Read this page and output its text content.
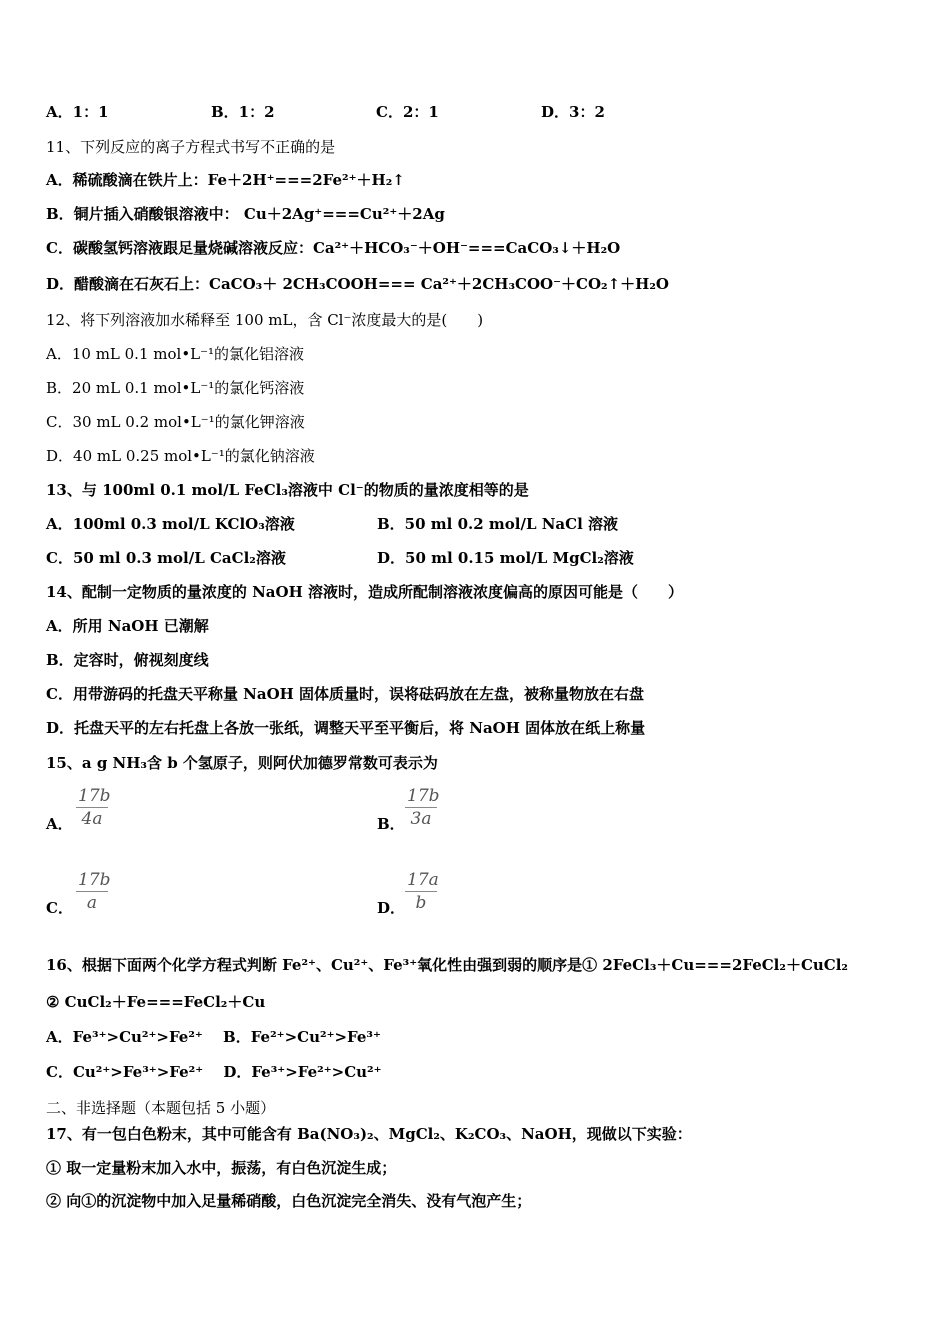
A．1：1	B．1：2	C．2：1	D．3：2
11、下列反应的离子方程式书写不正确的是
A．稀硫酸滴在铁片上：Fe＋2H⁺===2Fe²⁺＋H₂↑
B．铜片插入硝酸银溶液中： Cu＋2Ag⁺===Cu²⁺＋2Ag
C．碳酸氢钙溶液跟足量烧碱溶液反应：Ca²⁺＋HCO₃⁻＋OH⁻===CaCO₃↓＋H₂O
D．醋酸滴在石灰石上：CaCO₃＋ 2CH₃COOH=== Ca²⁺＋2CH₃COO⁻＋CO₂↑＋H₂O
12、将下列溶液加水稀释至 100 mL，含 Cl⁻浓度最大的是(　　)
A．10 mL 0.1 mol•L⁻¹的氯化铝溶液
B．20 mL 0.1 mol•L⁻¹的氯化钙溶液
C．30 mL 0.2 mol•L⁻¹的氯化钾溶液
D．40 mL 0.25 mol•L⁻¹的氯化钠溶液
13、与 100ml 0.1 mol/L FeCl₃溶液中 Cl⁻的物质的量浓度相等的是
A．100ml 0.3 mol/L KClO₃溶液	B．50 ml 0.2 mol/L NaCl 溶液
C．50 ml 0.3 mol/L CaCl₂溶液	D．50 ml 0.15 mol/L MgCl₂溶液
14、配制一定物质的量浓度的 NaOH 溶液时，造成所配制溶液浓度偏高的原因可能是（　　）
A．所用 NaOH 已潮解
B．定容时，俯视刻度线
C．用带游码的托盘天平称量 NaOH 固体质量时，误将砝码放在左盘，被称量物放在右盘
D．托盘天平的左右托盘上各放一张纸，调整天平至平衡后，将 NaOH 固体放在纸上称量
15、a g NH₃含 b 个氢原子，则阿伏加德罗常数可表示为
A． $\frac{17b}{4a}$	B． $\frac{17b}{3a}$
C． $\frac{17b}{a}$	D． $\frac{17a}{b}$
16、根据下面两个化学方程式判断 Fe²⁺、Cu²⁺、Fe³⁺氧化性由强到弱的顺序是① 2FeCl₃＋Cu===2FeCl₂＋CuCl₂
② CuCl₂＋Fe===FeCl₂＋Cu
A．Fe³⁺>Cu²⁺>Fe²⁺　 B．Fe²⁺>Cu²⁺>Fe³⁺
C．Cu²⁺>Fe³⁺>Fe²⁺　 D．Fe³⁺>Fe²⁺>Cu²⁺
二、非选择题（本题包括 5 小题）
17、有一包白色粉末，其中可能含有 Ba(NO₃)₂、MgCl₂、K₂CO₃、NaOH，现做以下实验：
① 取一定量粉末加入水中，振荡，有白色沉淀生成；
② 向①的沉淀物中加入足量稀硝酸，白色沉淀完全消失、没有气泡产生；
